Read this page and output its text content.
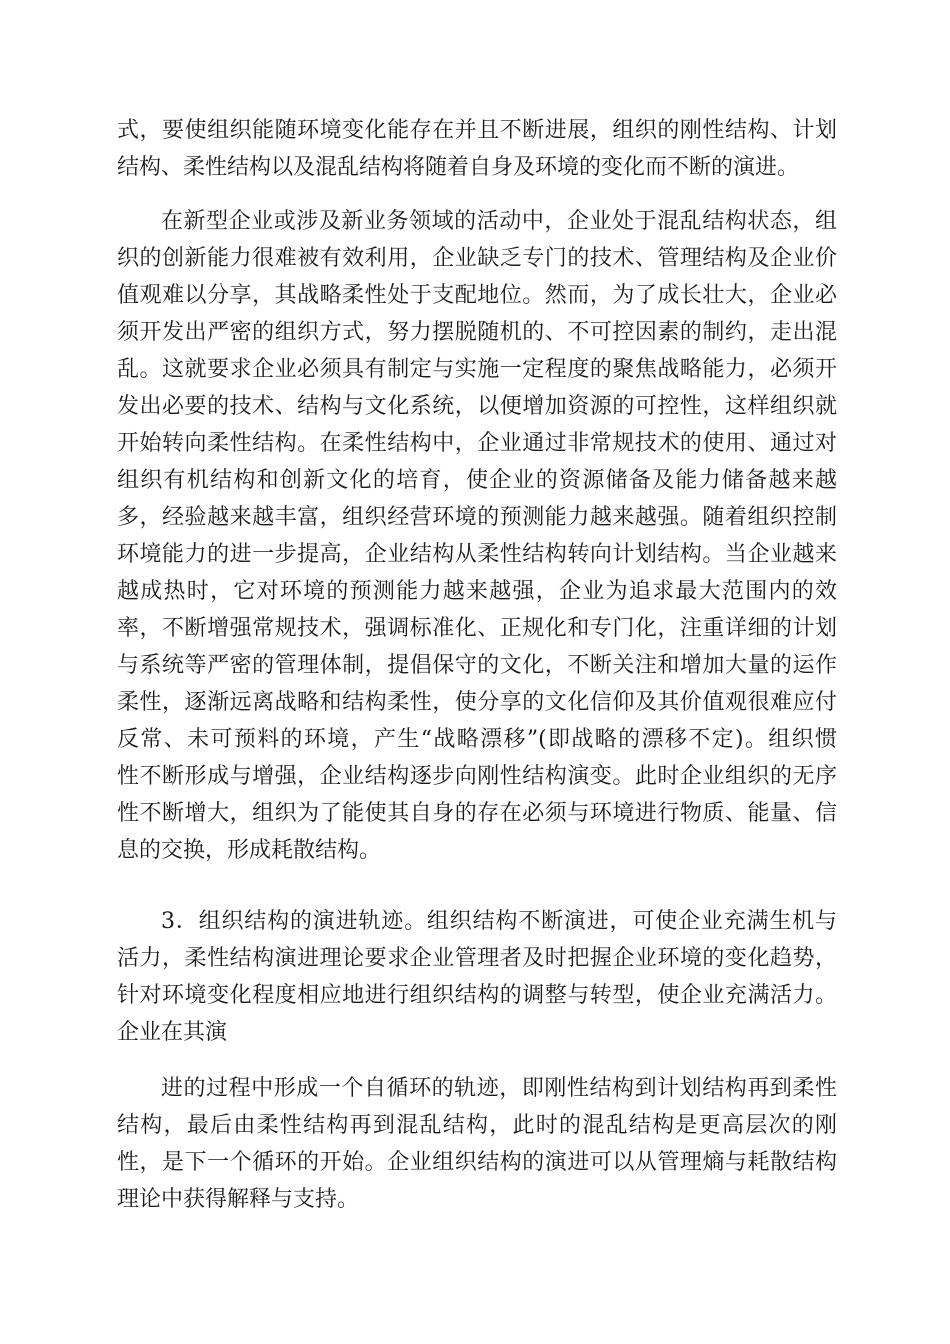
式，要使组织能随环境变化能存在并且不断进展，组织的刚性结构、计划
结构、柔性结构以及混乱结构将随着自身及环境的变化而不断的演进。
在新型企业或涉及新业务领域的活动中，企业处于混乱结构状态，组
织的创新能力很难被有效利用，企业缺乏专门的技术、管理结构及企业价
值观难以分享，其战略柔性处于支配地位。然而，为了成长壮大，企业必
须开发出严密的组织方式，努力摆脱随机的、不可控因素的制约，走出混
乱。这就要求企业必须具有制定与实施一定程度的聚焦战略能力，必须开
发出必要的技术、结构与文化系统，以便增加资源的可控性，这样组织就
开始转向柔性结构。在柔性结构中，企业通过非常规技术的使用、通过对
组织有机结构和创新文化的培育，使企业的资源储备及能力储备越来越
多，经验越来越丰富，组织经营环境的预测能力越来越强。随着组织控制
环境能力的进一步提高，企业结构从柔性结构转向计划结构。当企业越来
越成热时，它对环境的预测能力越来越强，企业为追求最大范围内的效
率，不断增强常规技术，强调标准化、正规化和专门化，注重详细的计划
与系统等严密的管理体制，提倡保守的文化，不断关注和增加大量的运作
柔性，逐渐远离战略和结构柔性，使分享的文化信仰及其价值观很难应付
反常、未可预料的环境，产生“战略漂移”(即战略的漂移不定)。组织惯
性不断形成与增强，企业结构逐步向刚性结构演变。此时企业组织的无序
性不断增大，组织为了能使其自身的存在必须与环境进行物质、能量、信
息的交换，形成耗散结构。
3．组织结构的演进轨迹。组织结构不断演进，可使企业充满生机与
活力，柔性结构演进理论要求企业管理者及时把握企业环境的变化趋势，
针对环境变化程度相应地进行组织结构的调整与转型，使企业充满活力。
企业在其演
进的过程中形成一个自循环的轨迹，即刚性结构到计划结构再到柔性
结构，最后由柔性结构再到混乱结构，此时的混乱结构是更高层次的刚
性，是下一个循环的开始。企业组织结构的演进可以从管理熵与耗散结构
理论中获得解释与支持。
